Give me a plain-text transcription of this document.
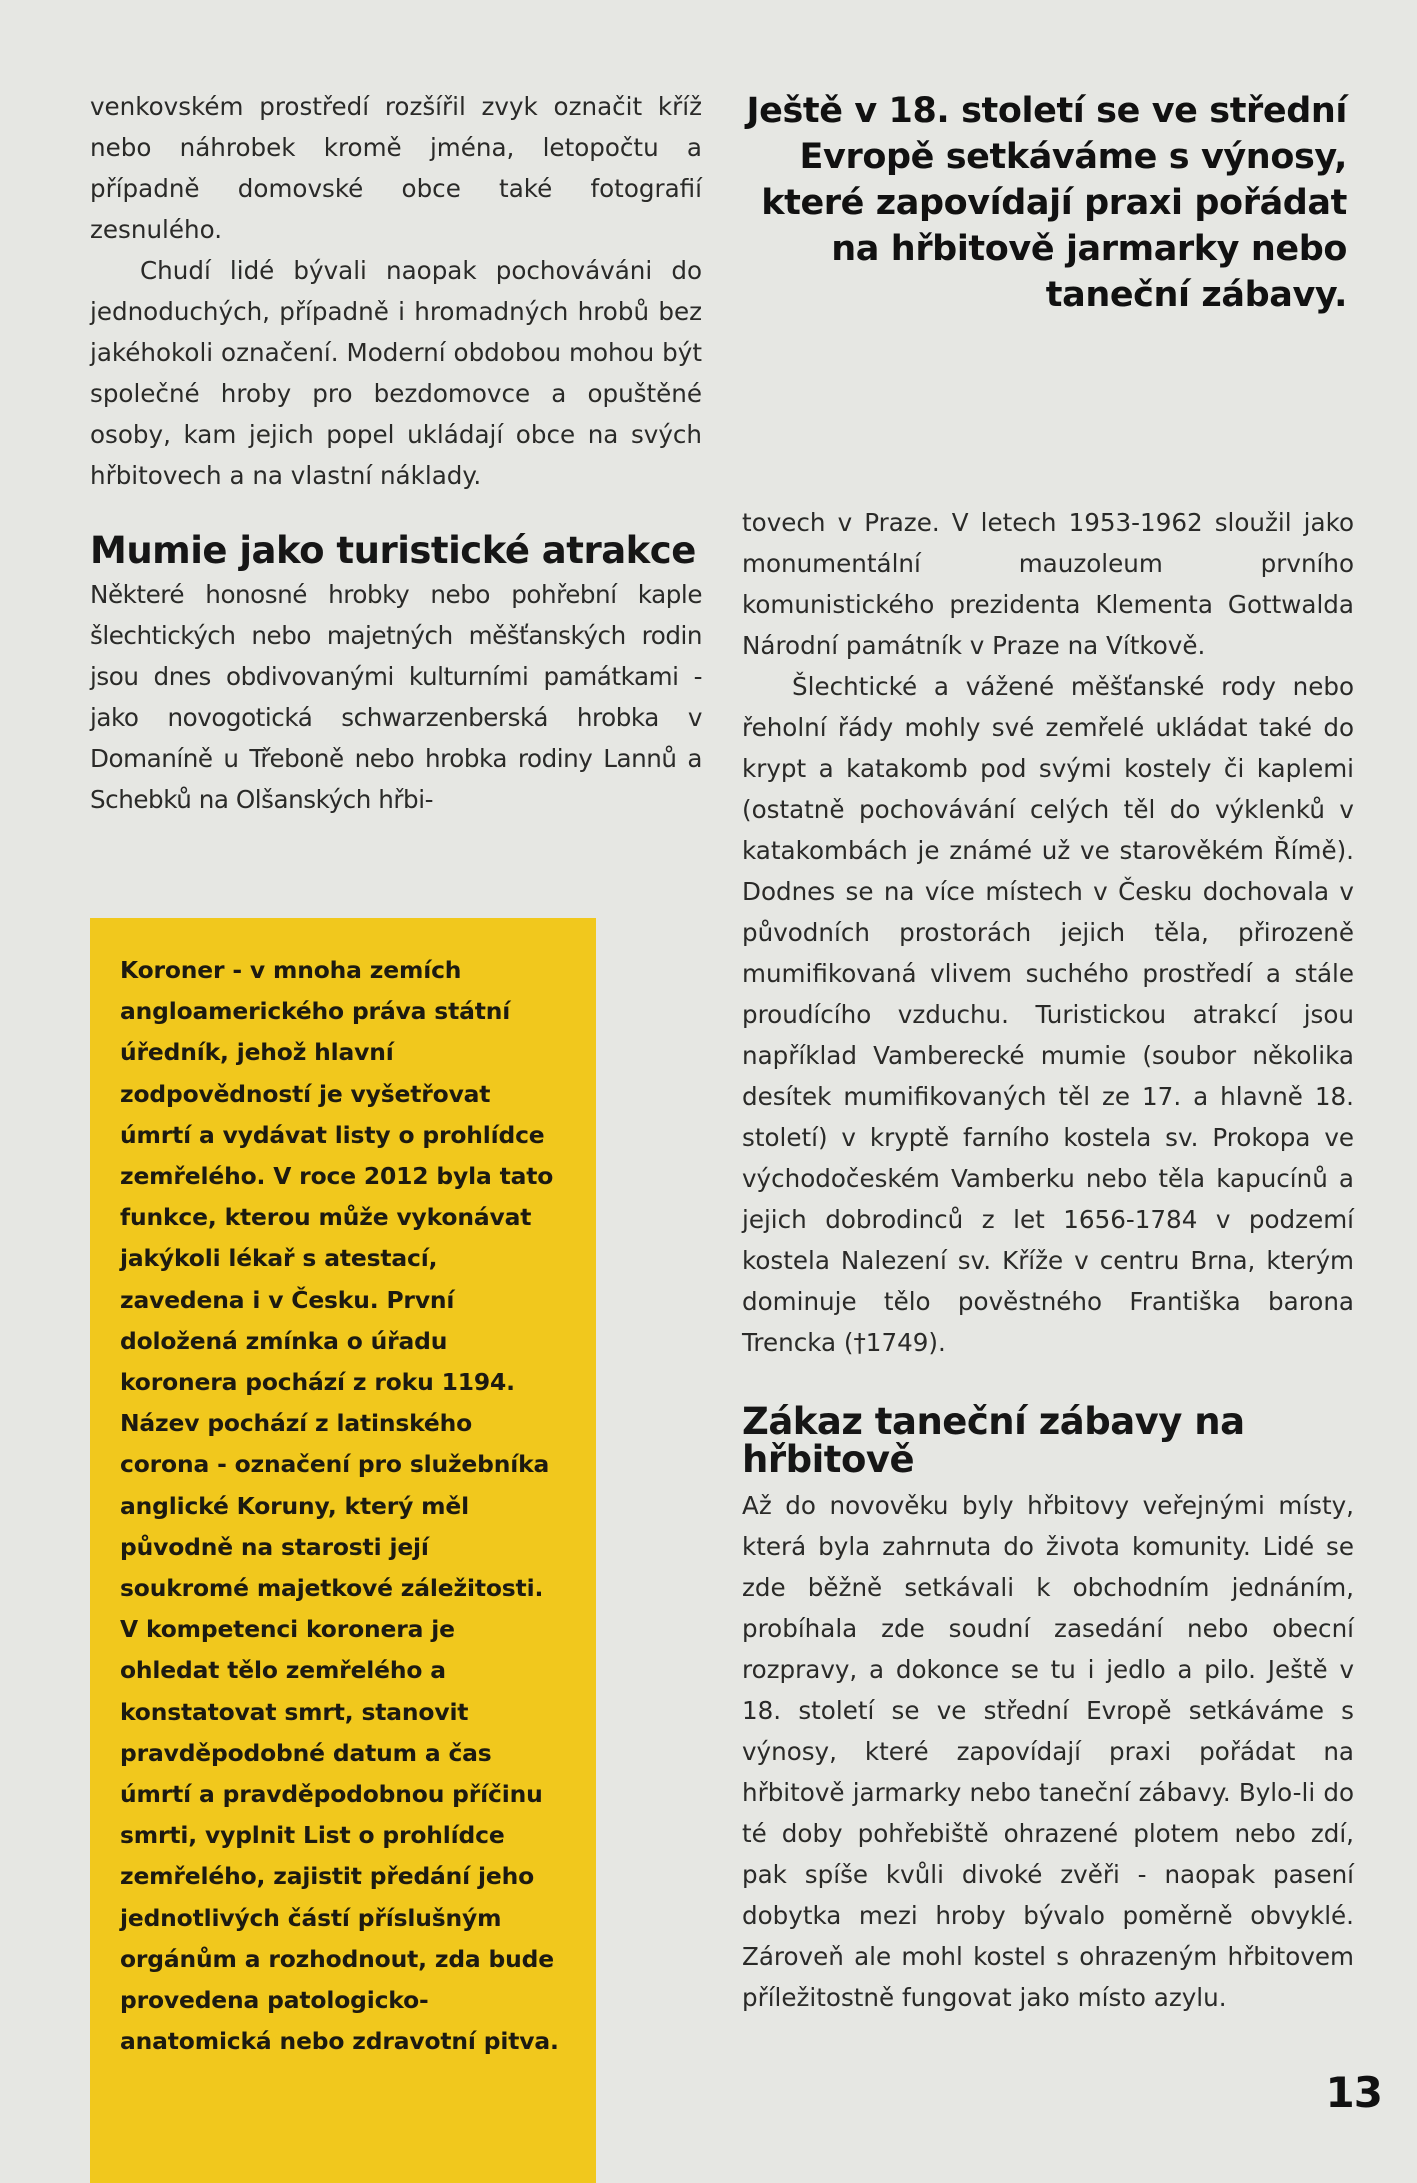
venkovském prostředí rozšířil zvyk označit kříž nebo náhrobek kromě jména, letopočtu a případně domovské obce také fotografií zesnulého.

Chudí lidé bývali naopak pochováváni do jednoduchých, případně i hromadných hrobů bez jakéhokoli označení. Moderní obdobou mohou být společné hroby pro bezdomovce a opuštěné osoby, kam jejich popel ukládají obce na svých hřbitovech a na vlastní náklady.

Mumie jako turistické atrakce

Některé honosné hrobky nebo pohřební kaple šlechtických nebo majetných měšťanských rodin jsou dnes obdivovanými kulturními památkami - jako novogotická schwarzenberská hrobka v Domaníně u Třeboně nebo hrobka rodiny Lannů a Schebků na Olšanských hřbi-

Ještě v 18. století se ve střední Evropě setkáváme s výnosy, které zapovídají praxi pořádat na hřbitově jarmarky nebo taneční zábavy.

Koroner - v mnoha zemích angloamerického práva státní úředník, jehož hlavní zodpovědností je vyšetřovat úmrtí a vydávat listy o prohlídce zemřelého. V roce 2012 byla tato funkce, kterou může vykonávat jakýkoli lékař s atestací, zavedena i v Česku. První doložená zmínka o úřadu koronera pochází z roku 1194. Název pochází z latinského corona - označení pro služebníka anglické Koruny, který měl původně na starosti její soukromé majetkové záležitosti. V kompetenci koronera je ohledat tělo zemřelého a konstatovat smrt, stanovit pravděpodobné datum a čas úmrtí a pravděpodobnou příčinu smrti, vyplnit List o prohlídce zemřelého, zajistit předání jeho jednotlivých částí příslušným orgánům a rozhodnout, zda bude provedena patologicko-anatomická nebo zdravotní pitva.

tovech v Praze. V letech 1953-1962 sloužil jako monumentální mauzoleum prvního komunistického prezidenta Klementa Gottwalda Národní památník v Praze na Vítkově.

Šlechtické a vážené měšťanské rody nebo řeholní řády mohly své zemřelé ukládat také do krypt a katakomb pod svými kostely či kaplemi (ostatně pochovávání celých těl do výklenků v katakombách je známé už ve starověkém Římě). Dodnes se na více místech v Česku dochovala v původních prostorách jejich těla, přirozeně mumifikovaná vlivem suchého prostředí a stále proudícího vzduchu. Turistickou atrakcí jsou například Vamberecké mumie (soubor několika desítek mumifikovaných těl ze 17. a hlavně 18. století) v kryptě farního kostela sv. Prokopa ve východočeském Vamberku nebo těla kapucínů a jejich dobrodinců z let 1656-1784 v podzemí kostela Nalezení sv. Kříže v centru Brna, kterým dominuje tělo pověstného Františka barona Trencka (†1749).

Zákaz taneční zábavy na hřbitově

Až do novověku byly hřbitovy veřejnými místy, která byla zahrnuta do života komunity. Lidé se zde běžně setkávali k obchodním jednáním, probíhala zde soudní zasedání nebo obecní rozpravy, a dokonce se tu i jedlo a pilo. Ještě v 18. století se ve střední Evropě setkáváme s výnosy, které zapovídají praxi pořádat na hřbitově jarmarky nebo taneční zábavy. Bylo-li do té doby pohřebiště ohrazené plotem nebo zdí, pak spíše kvůli divoké zvěři - naopak pasení dobytka mezi hroby bývalo poměrně obvyklé. Zároveň ale mohl kostel s ohrazeným hřbitovem příležitostně fungovat jako místo azylu.

13
